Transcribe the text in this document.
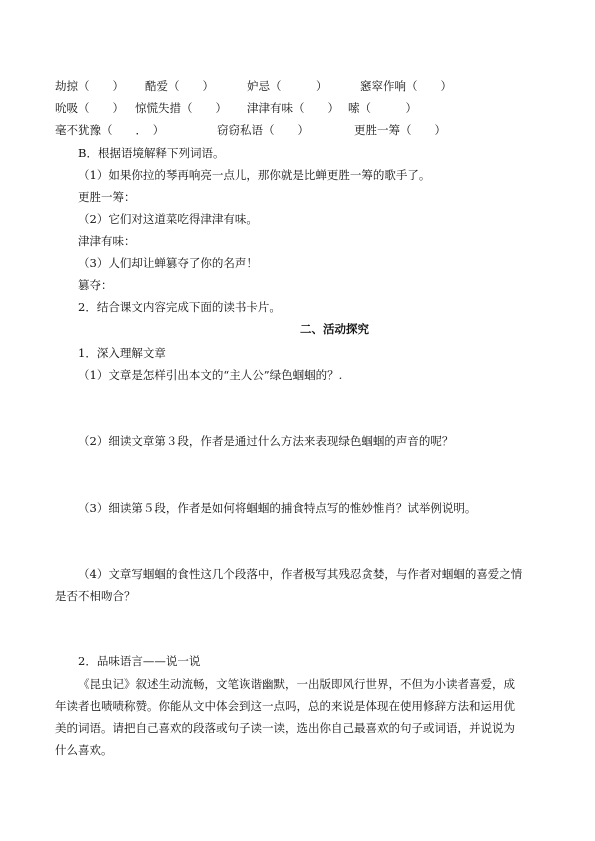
劫掠（　　） 酷爱（　　）	妒忌（　　　）	窸窣作响（　　）
吮吸（　　） 惊慌失措（　　） 津津有味（　　） 嗦（　　　）
毫不犹豫（　　．　）	窃窃私语（　　）	更胜一筹（　　）
B．根据语境解释下列词语。
（1）如果你拉的琴再响亮一点儿，那你就是比蝉更胜一筹的歌手了。
更胜一筹：
（2）它们对这道菜吃得津津有味。
津津有味：
（3）人们却让蝉篡夺了你的名声！
篡夺：
2．结合课文内容完成下面的读书卡片。
二、活动探究
1．深入理解文章
（1）文章是怎样引出本文的“主人公”绿色蝈蝈的？.
（2）细读文章第３段，作者是通过什么方法来表现绿色蝈蝈的声音的呢？
（3）细读第５段，作者是如何将蝈蝈的捕食特点写的惟妙惟肖？试举例说明。
（4）文章写蝈蝈的食性这几个段落中，作者极写其残忍贪婪，与作者对蝈蝈的喜爱之情
是否不相吻合？
2．品味语言——说一说
《昆虫记》叙述生动流畅，文笔诙谐幽默，一出版即风行世界，不但为小读者喜爱，成
年读者也啧啧称赞。你能从文中体会到这一点吗，总的来说是体现在使用修辞方法和运用优
美的词语。请把自己喜欢的段落或句子读一读，选出你自己最喜欢的句子或词语，并说说为
什么喜欢。
